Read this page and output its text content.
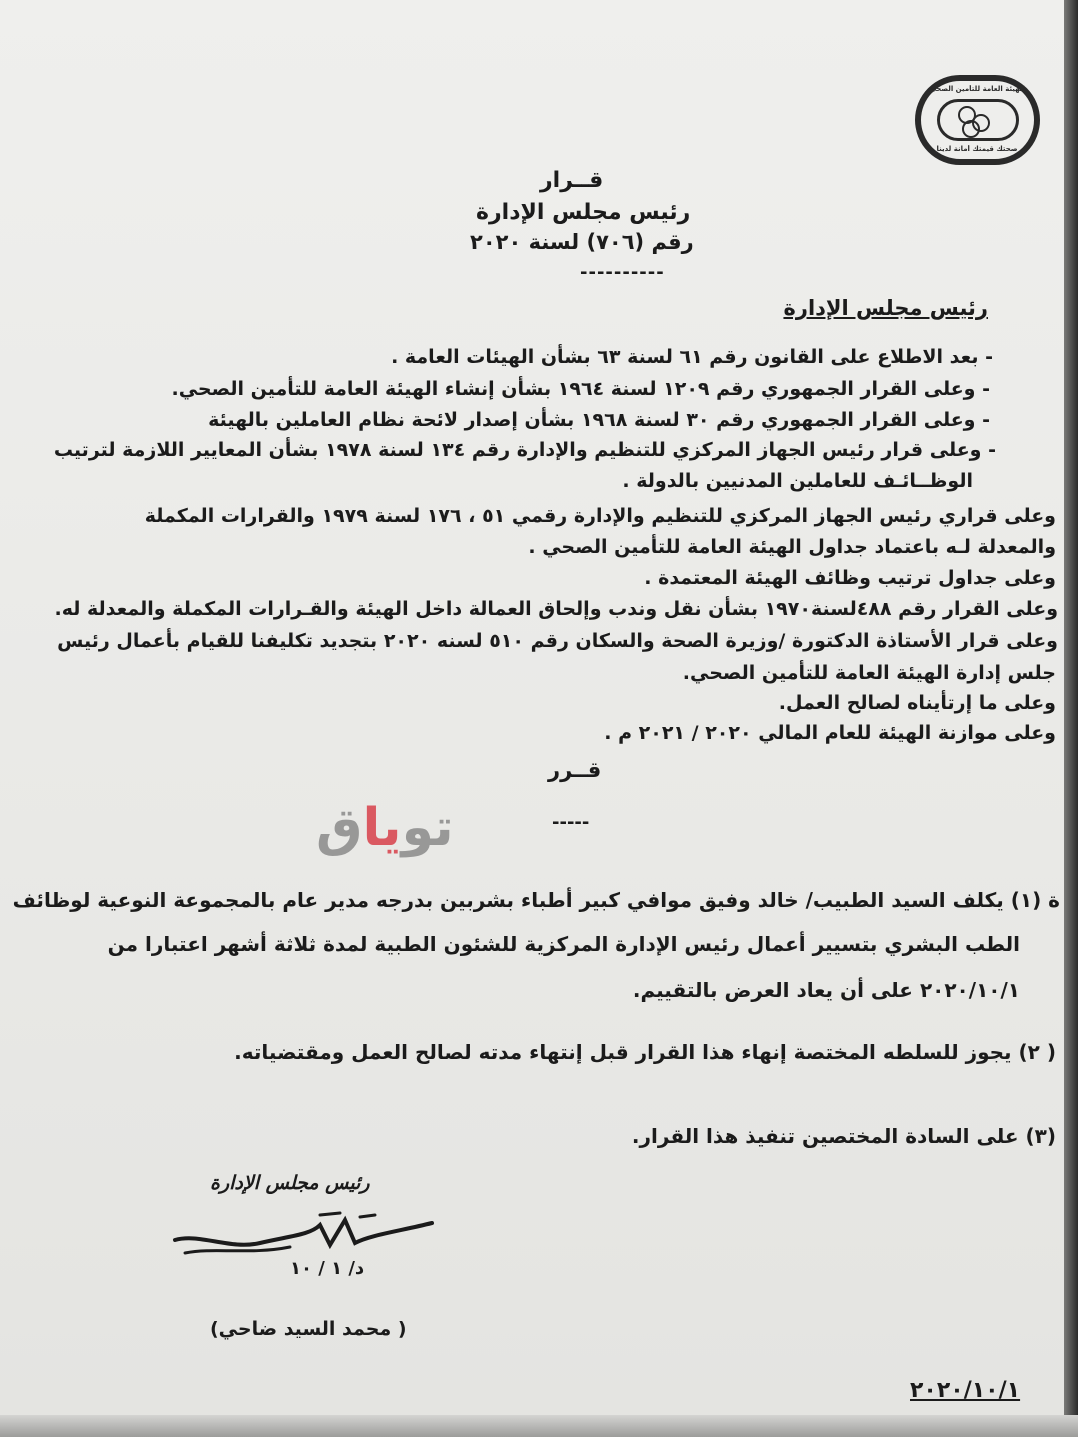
الهيئة العامة للتأمين الصحي
صحتك قيمتك أمانة لدينا
قــرار
رئيس مجلس الإدارة
رقم (٧٠٦) لسنة ٢٠٢٠
----------
رئيس مجلس الإدارة
- بعد الاطلاع على القانون رقم ٦١ لسنة ٦٣ بشأن الهيئات العامة .
- وعلى القرار الجمهوري رقم ١٢٠٩ لسنة ١٩٦٤ بشأن إنشاء الهيئة العامة للتأمين الصحي.
- وعلى القرار الجمهوري رقم ٣٠ لسنة ١٩٦٨ بشأن إصدار لائحة نظام العاملين بالهيئة
- وعلى قرار رئيس الجهاز المركزي للتنظيم والإدارة رقم ١٣٤ لسنة ١٩٧٨ بشأن المعايير اللازمة لترتيب
الوظــائـف للعاملين المدنيين بالدولة .
وعلى قراري رئيس الجهاز المركزي للتنظيم والإدارة رقمي ٥١ ، ١٧٦ لسنة ١٩٧٩ والقرارات المكملة
والمعدلة لـه باعتماد جداول الهيئة العامة للتأمين الصحي .
وعلى جداول ترتيب وظائف الهيئة المعتمدة .
وعلى القرار رقم ٤٨٨لسنة١٩٧٠ بشأن نقل وندب وإلحاق العمالة داخل الهيئة والقـرارات المكملة والمعدلة له.
وعلى قرار الأستاذة الدكتورة /وزيرة الصحة والسكان رقم ٥١٠ لسنه ٢٠٢٠ بتجديد تكليفنا للقيام بأعمال رئيس
جلس إدارة الهيئة العامة للتأمين الصحي.
وعلى ما إرتأيناه لصالح العمل.
وعلى موازنة الهيئة للعام المالي ٢٠٢٠ / ٢٠٢١ م .
قــرر
-----
توياق
ة (١) يكلف السيد الطبيب/ خالد وفيق موافي كبير أطباء بشربين بدرجه مدير عام بالمجموعة النوعية لوظائف
الطب البشري بتسيير أعمال رئيس الإدارة المركزية للشئون الطبية لمدة ثلاثة أشهر اعتبارا من
٢٠٢٠/١٠/١ على أن يعاد العرض بالتقييم.
( ٢) يجوز للسلطه المختصة إنهاء هذا القرار قبل إنتهاء مدته لصالح العمل ومقتضياته.
(٣) على السادة المختصين تنفيذ هذا القرار.
رئيس مجلس الإدارة
د/ ١ / ١٠
( محمد السيد ضاحي)
٢٠٢٠/١٠/١
